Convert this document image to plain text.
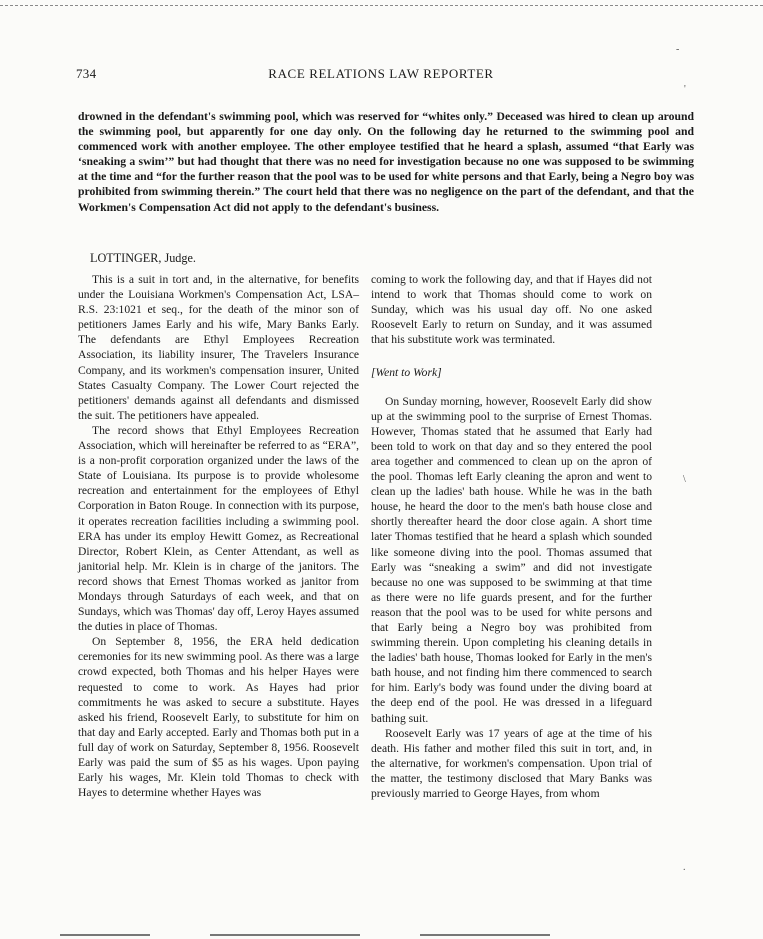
734	RACE RELATIONS LAW REPORTER
drowned in the defendant's swimming pool, which was reserved for “whites only.” Deceased was hired to clean up around the swimming pool, but apparently for one day only. On the following day he returned to the swimming pool and commenced work with another employee. The other employee testified that he heard a splash, assumed “that Early was ‘sneaking a swim’” but had thought that there was no need for investigation because no one was supposed to be swimming at the time and “for the further reason that the pool was to be used for white persons and that Early, being a Negro boy was prohibited from swimming therein.” The court held that there was no negligence on the part of the defendant, and that the Workmen's Compensation Act did not apply to the defendant's business.
LOTTINGER, Judge.

This is a suit in tort and, in the alternative, for benefits under the Louisiana Workmen's Compensation Act, LSA–R.S. 23:1021 et seq., for the death of the minor son of petitioners James Early and his wife, Mary Banks Early. The defendants are Ethyl Employees Recreation Association, its liability insurer, The Travelers Insurance Company, and its workmen's compensation insurer, United States Casualty Company. The Lower Court rejected the petitioners' demands against all defendants and dismissed the suit. The petitioners have appealed.

The record shows that Ethyl Employees Recreation Association, which will hereinafter be referred to as “ERA”, is a non-profit corporation organized under the laws of the State of Louisiana. Its purpose is to provide wholesome recreation and entertainment for the employees of Ethyl Corporation in Baton Rouge. In connection with its purpose, it operates recreation facilities including a swimming pool. ERA has under its employ Hewitt Gomez, as Recreational Director, Robert Klein, as Center Attendant, as well as janitorial help. Mr. Klein is in charge of the janitors. The record shows that Ernest Thomas worked as janitor from Mondays through Saturdays of each week, and that on Sundays, which was Thomas' day off, Leroy Hayes assumed the duties in place of Thomas.

On September 8, 1956, the ERA held dedication ceremonies for its new swimming pool. As there was a large crowd expected, both Thomas and his helper Hayes were requested to come to work. As Hayes had prior commitments he was asked to secure a substitute. Hayes asked his friend, Roosevelt Early, to substitute for him on that day and Early accepted. Early and Thomas both put in a full day of work on Saturday, September 8, 1956. Roosevelt Early was paid the sum of $5 as his wages. Upon paying Early his wages, Mr. Klein told Thomas to check with Hayes to determine whether Hayes was

coming to work the following day, and that if Hayes did not intend to work that Thomas should come to work on Sunday, which was his usual day off. No one asked Roosevelt Early to return on Sunday, and it was assumed that his substitute work was terminated.

[Went to Work]

On Sunday morning, however, Roosevelt Early did show up at the swimming pool to the surprise of Ernest Thomas. However, Thomas stated that he assumed that Early had been told to work on that day and so they entered the pool area together and commenced to clean up on the apron of the pool. Thomas left Early cleaning the apron and went to clean up the ladies' bath house. While he was in the bath house, he heard the door to the men's bath house close and shortly thereafter heard the door close again. A short time later Thomas testified that he heard a splash which sounded like someone diving into the pool. Thomas assumed that Early was “sneaking a swim” and did not investigate because no one was supposed to be swimming at that time as there were no life guards present, and for the further reason that the pool was to be used for white persons and that Early being a Negro boy was prohibited from swimming therein. Upon completing his cleaning details in the ladies' bath house, Thomas looked for Early in the men's bath house, and not finding him there commenced to search for him. Early's body was found under the diving board at the deep end of the pool. He was dressed in a lifeguard bathing suit.

Roosevelt Early was 17 years of age at the time of his death. His father and mother filed this suit in tort, and, in the alternative, for workmen's compensation. Upon trial of the matter, the testimony disclosed that Mary Banks was previously married to George Hayes, from whom

-
'
\
.
